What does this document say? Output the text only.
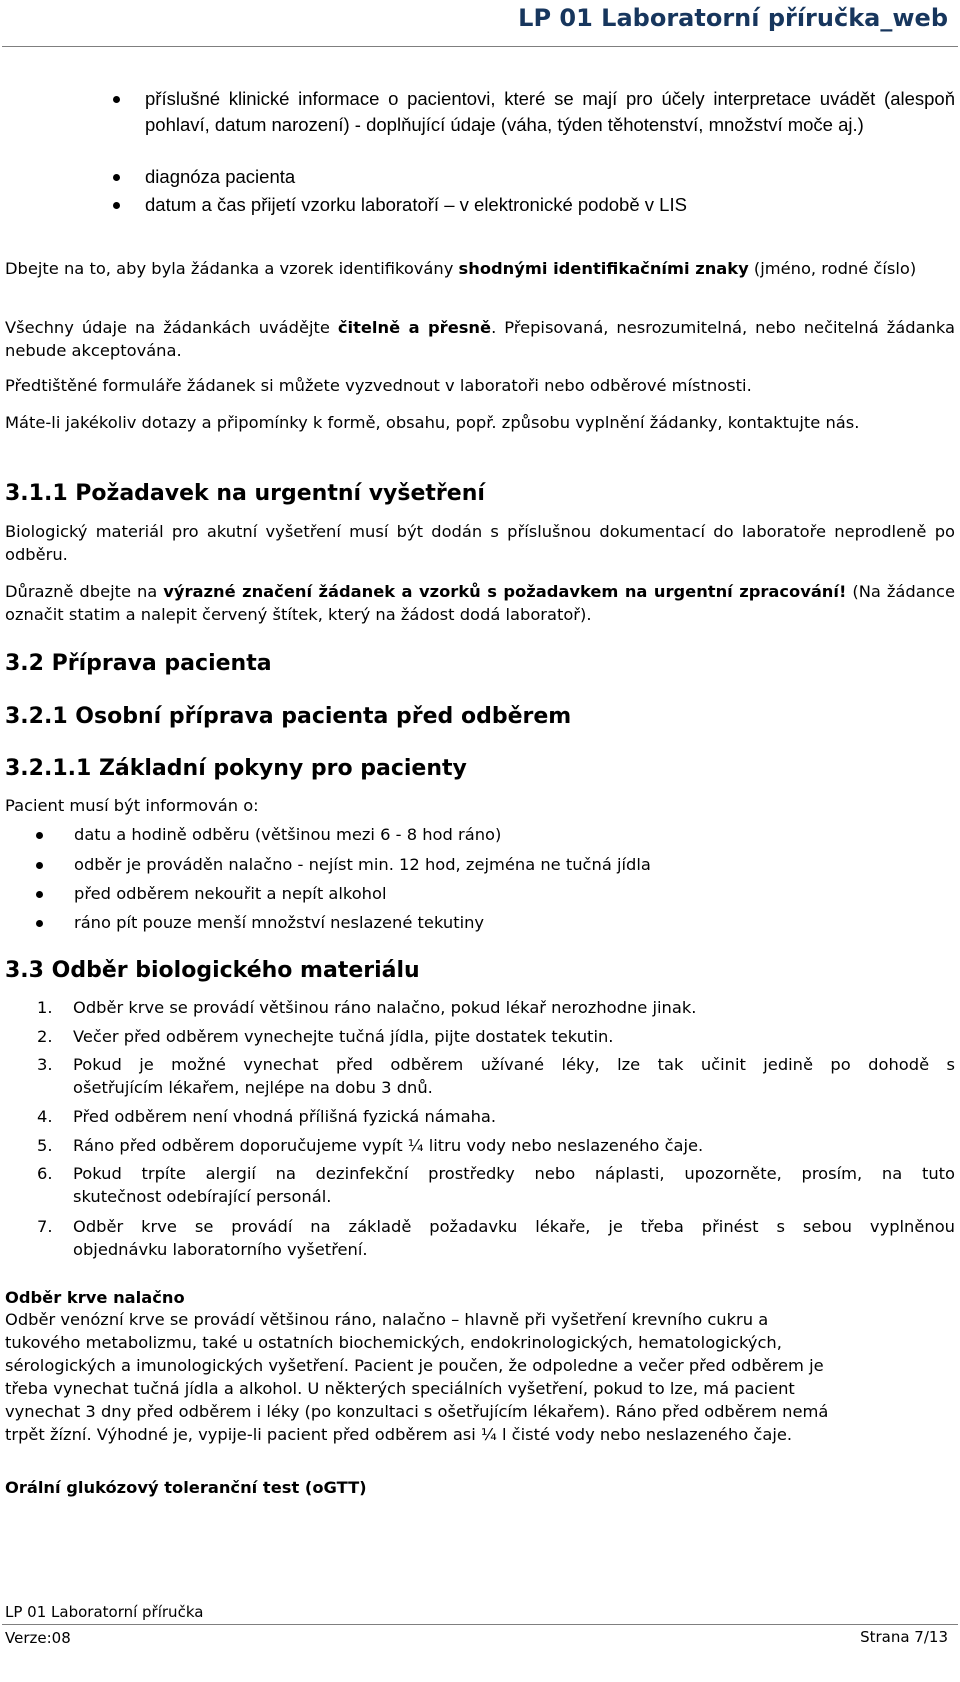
LP 01 Laboratorní příručka_web
příslušné klinické informace o pacientovi, které se mají pro účely interpretace uvádět (alespoň pohlaví, datum narození) - doplňující údaje (váha, týden těhotenství, množství moče aj.)
diagnóza pacienta
datum a čas přijetí vzorku laboratoří – v elektronické podobě v LIS
Dbejte na to, aby byla žádanka a vzorek identifikovány shodnými identifikačními znaky (jméno, rodné číslo)
Všechny údaje na žádankách uvádějte čitelně a přesně. Přepisovaná, nesrozumitelná, nebo nečitelná žádanka nebude akceptována.
Předtištěné formuláře žádanek si můžete vyzvednout v laboratoři nebo odběrové místnosti.
Máte-li jakékoliv dotazy a připomínky k formě, obsahu, popř. způsobu vyplnění žádanky, kontaktujte nás.
3.1.1 Požadavek na urgentní vyšetření
Biologický materiál pro akutní vyšetření musí být dodán s příslušnou dokumentací do laboratoře neprodleně po odběru.
Důrazně dbejte na výrazné značení žádanek a vzorků s požadavkem na urgentní zpracování! (Na žádance označit statim a nalepit červený štítek, který na žádost dodá laboratoř).
3.2 Příprava pacienta
3.2.1 Osobní příprava pacienta před odběrem
3.2.1.1 Základní pokyny pro pacienty
Pacient musí být informován o:
datu a hodině odběru (většinou mezi 6 - 8 hod ráno)
odběr je prováděn nalačno - nejíst min. 12 hod, zejména ne tučná jídla
před odběrem nekouřit a nepít alkohol
ráno pít pouze menší množství neslazené tekutiny
3.3 Odběr biologického materiálu
1. Odběr krve se provádí většinou ráno nalačno, pokud lékař nerozhodne jinak.
2. Večer před odběrem vynechejte tučná jídla, pijte dostatek tekutin.
3. Pokud je možné vynechat před odběrem užívané léky, lze tak učinit jedině po dohodě s
ošetřujícím lékařem, nejlépe na dobu 3 dnů.
4. Před odběrem není vhodná přílišná fyzická námaha.
5. Ráno před odběrem doporučujeme vypít ¼ litru vody nebo neslazeného čaje.
6. Pokud trpíte alergií na dezinfekční prostředky nebo náplasti, upozorněte, prosím, na tuto
skutečnost odebírající personál.
7. Odběr krve se provádí na základě požadavku lékaře, je třeba přinést s sebou vyplněnou
objednávku laboratorního vyšetření.
Odběr krve nalačno
Odběr venózní krve se provádí většinou ráno, nalačno – hlavně při vyšetření krevního cukru a
tukového metabolizmu, také u ostatních biochemických, endokrinologických, hematologických,
sérologických a imunologických vyšetření. Pacient je poučen, že odpoledne a večer před odběrem je
třeba vynechat tučná jídla a alkohol. U některých speciálních vyšetření, pokud to lze, má pacient
vynechat 3 dny před odběrem i léky (po konzultaci s ošetřujícím lékařem). Ráno před odběrem nemá
trpět žízní. Výhodné je, vypije-li pacient před odběrem asi ¼ l čisté vody nebo neslazeného čaje.
Orální glukózový toleranční test (oGTT)
LP 01 Laboratorní příručka
Verze:08	Strana 7/13
